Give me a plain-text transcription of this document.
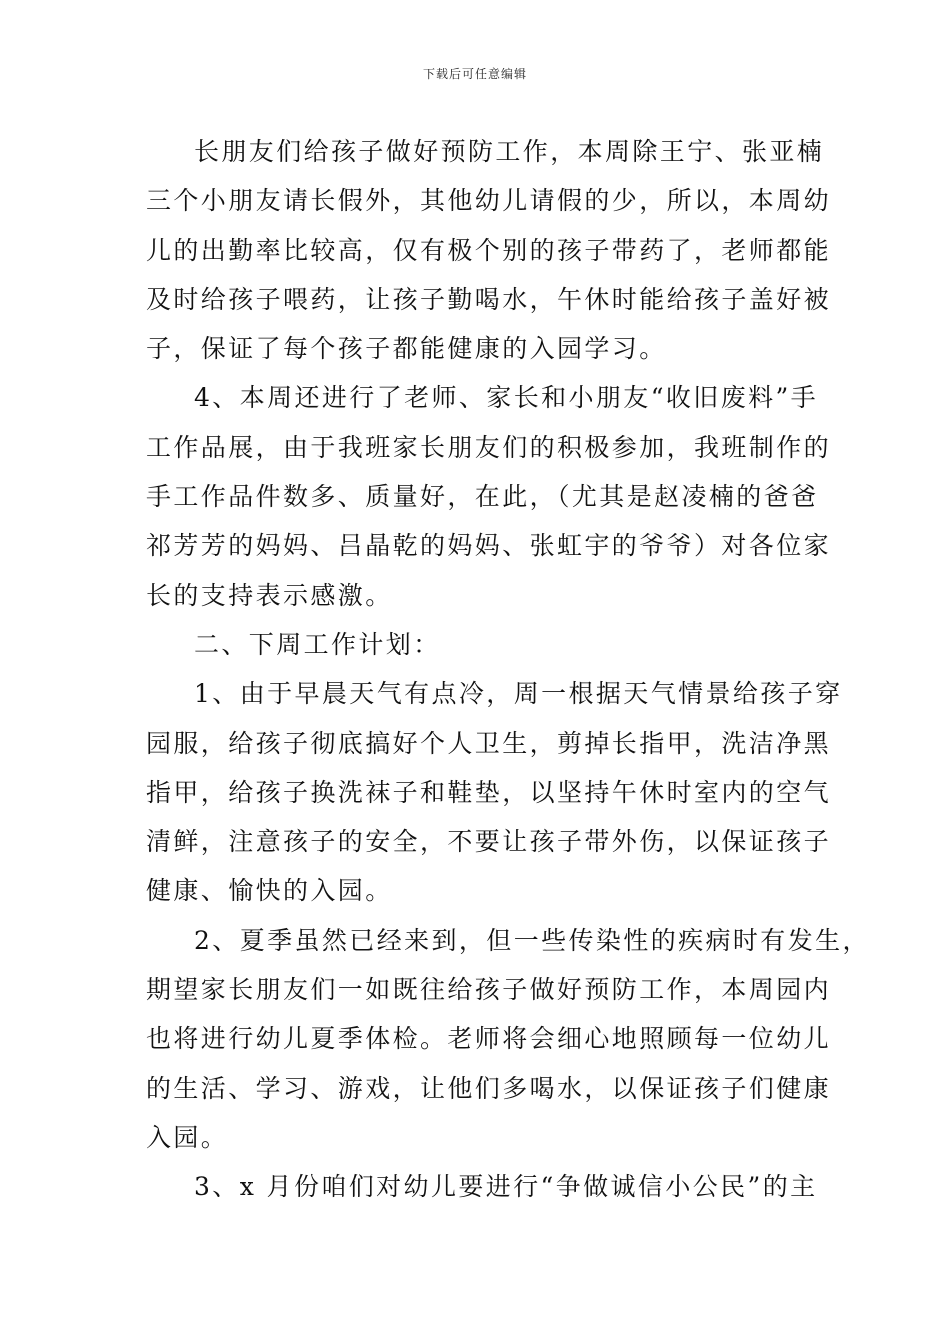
下载后可任意编辑
长朋友们给孩子做好预防工作，本周除王宁、张亚楠
三个小朋友请长假外，其他幼儿请假的少，所以，本周幼
儿的出勤率比较高，仅有极个别的孩子带药了，老师都能
及时给孩子喂药，让孩子勤喝水，午休时能给孩子盖好被
子，保证了每个孩子都能健康的入园学习。
4、本周还进行了老师、家长和小朋友“收旧废料”手
工作品展，由于我班家长朋友们的积极参加，我班制作的
手工作品件数多、质量好，在此，（尤其是赵凌楠的爸爸
祁芳芳的妈妈、吕晶乾的妈妈、张虹宇的爷爷）对各位家
长的支持表示感激。
二、下周工作计划：
1、由于早晨天气有点冷，周一根据天气情景给孩子穿
园服，给孩子彻底搞好个人卫生，剪掉长指甲，洗洁净黑
指甲，给孩子换洗袜子和鞋垫，以坚持午休时室内的空气
清鲜，注意孩子的安全，不要让孩子带外伤，以保证孩子
健康、愉快的入园。
2、夏季虽然已经来到，但一些传染性的疾病时有发生，
期望家长朋友们一如既往给孩子做好预防工作，本周园内
也将进行幼儿夏季体检。老师将会细心地照顾每一位幼儿
的生活、学习、游戏，让他们多喝水，以保证孩子们健康
入园。
3、x 月份咱们对幼儿要进行“争做诚信小公民”的主
